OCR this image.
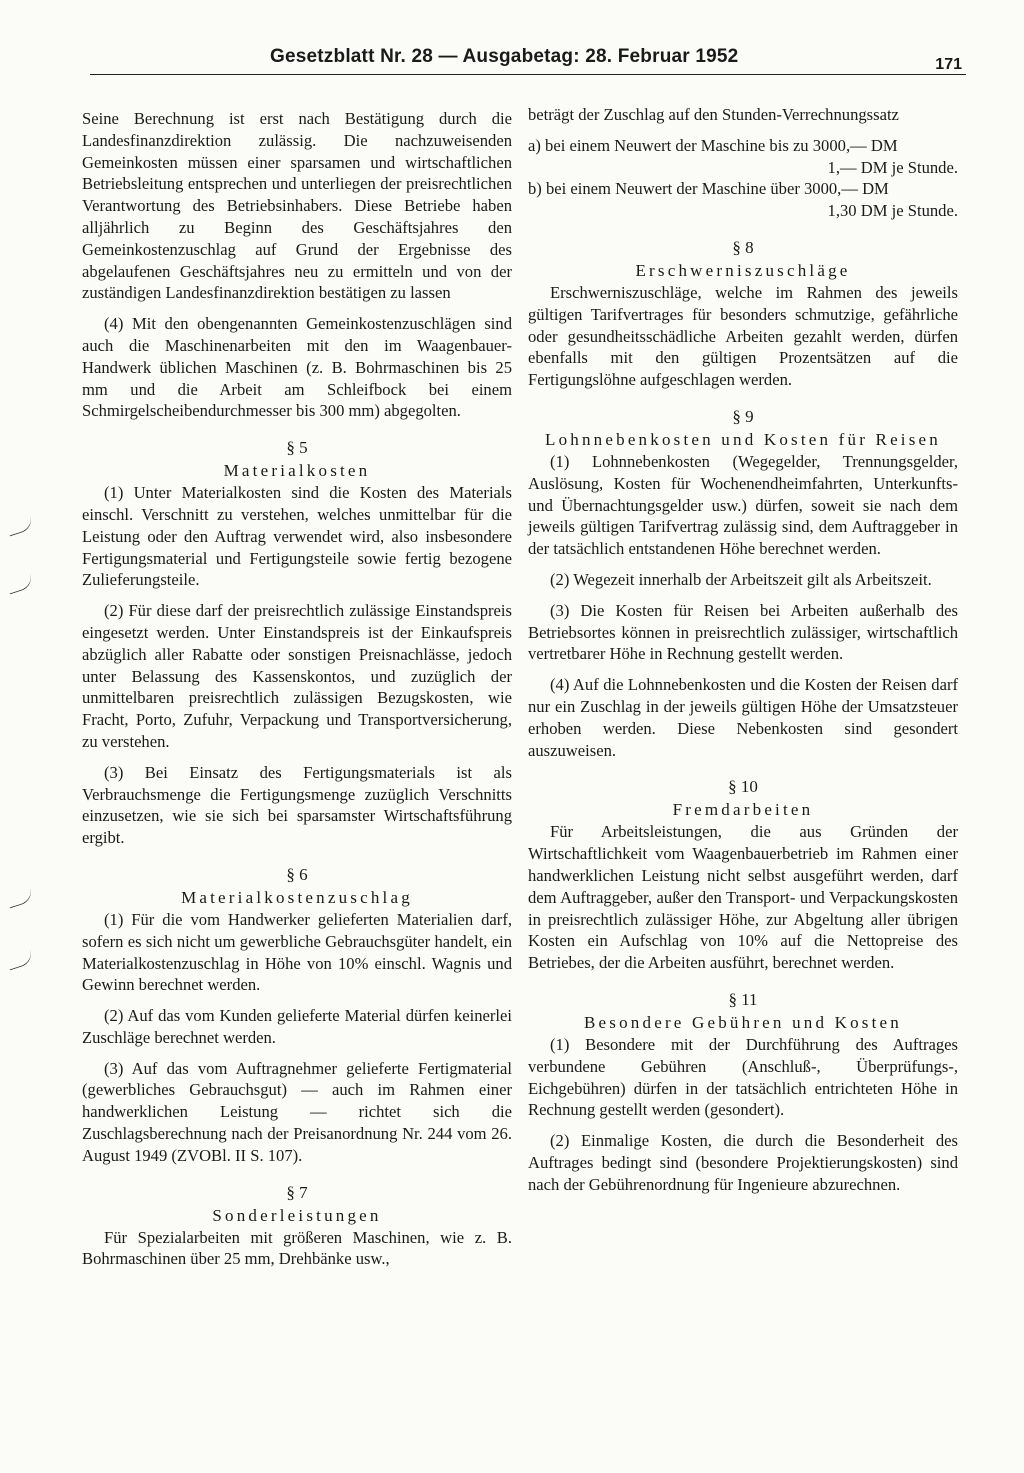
Gesetzblatt Nr. 28 — Ausgabetag: 28. Februar 1952	171

Seine Berechnung ist erst nach Bestätigung durch die Landesfinanzdirektion zulässig. Die nachzuweisenden Gemeinkosten müssen einer sparsamen und wirtschaftlichen Betriebsleitung entsprechen und unterliegen der preisrechtlichen Verantwortung des Betriebsinhabers. Diese Betriebe haben alljährlich zu Beginn des Geschäftsjahres den Gemeinkostenzuschlag auf Grund der Ergebnisse des abgelaufenen Geschäftsjahres neu zu ermitteln und von der zuständigen Landesfinanzdirektion bestätigen zu lassen

(4) Mit den obengenannten Gemeinkostenzuschlägen sind auch die Maschinenarbeiten mit den im Waagenbauer-Handwerk üblichen Maschinen (z. B. Bohrmaschinen bis 25 mm und die Arbeit am Schleifbock bei einem Schmirgelscheibendurchmesser bis 300 mm) abgegolten.

§ 5
Materialkosten

(1) Unter Materialkosten sind die Kosten des Materials einschl. Verschnitt zu verstehen, welches unmittelbar für die Leistung oder den Auftrag verwendet wird, also insbesondere Fertigungsmaterial und Fertigungsteile sowie fertig bezogene Zulieferungsteile.

(2) Für diese darf der preisrechtlich zulässige Einstandspreis eingesetzt werden. Unter Einstandspreis ist der Einkaufspreis abzüglich aller Rabatte oder sonstigen Preisnachlässe, jedoch unter Belassung des Kassenskontos, und zuzüglich der unmittelbaren preisrechtlich zulässigen Bezugskosten, wie Fracht, Porto, Zufuhr, Verpackung und Transportversicherung, zu verstehen.

(3) Bei Einsatz des Fertigungsmaterials ist als Verbrauchsmenge die Fertigungsmenge zuzüglich Verschnitts einzusetzen, wie sie sich bei sparsamster Wirtschaftsführung ergibt.

§ 6
Materialkostenzuschlag

(1) Für die vom Handwerker gelieferten Materialien darf, sofern es sich nicht um gewerbliche Gebrauchsgüter handelt, ein Materialkostenzuschlag in Höhe von 10% einschl. Wagnis und Gewinn berechnet werden.

(2) Auf das vom Kunden gelieferte Material dürfen keinerlei Zuschläge berechnet werden.

(3) Auf das vom Auftragnehmer gelieferte Fertigmaterial (gewerbliches Gebrauchsgut) — auch im Rahmen einer handwerklichen Leistung — richtet sich die Zuschlagsberechnung nach der Preisanordnung Nr. 244 vom 26. August 1949 (ZVOBl. II S. 107).

§ 7
Sonderleistungen

Für Spezialarbeiten mit größeren Maschinen, wie z. B. Bohrmaschinen über 25 mm, Drehbänke usw.,

beträgt der Zuschlag auf den Stunden-Verrechnungssatz

a) bei einem Neuwert der Maschine bis zu 3000,— DM

1,— DM je Stunde.

b) bei einem Neuwert der Maschine über 3000,— DM

1,30 DM je Stunde.
§ 8
Erschwerniszuschläge

Erschwerniszuschläge, welche im Rahmen des jeweils gültigen Tarifvertrages für besonders schmutzige, gefährliche oder gesundheitsschädliche Arbeiten gezahlt werden, dürfen ebenfalls mit den gültigen Prozentsätzen auf die Fertigungslöhne aufgeschlagen werden.

§ 9
Lohnnebenkosten und Kosten für Reisen

(1) Lohnnebenkosten (Wegegelder, Trennungsgelder, Auslösung, Kosten für Wochenendheimfahrten, Unterkunfts- und Übernachtungsgelder usw.) dürfen, soweit sie nach dem jeweils gültigen Tarifvertrag zulässig sind, dem Auftraggeber in der tatsächlich entstandenen Höhe berechnet werden.

(2) Wegezeit innerhalb der Arbeitszeit gilt als Arbeitszeit.

(3) Die Kosten für Reisen bei Arbeiten außerhalb des Betriebsortes können in preisrechtlich zulässiger, wirtschaftlich vertretbarer Höhe in Rechnung gestellt werden.

(4) Auf die Lohnnebenkosten und die Kosten der Reisen darf nur ein Zuschlag in der jeweils gültigen Höhe der Umsatzsteuer erhoben werden. Diese Nebenkosten sind gesondert auszuweisen.

§ 10
Fremdarbeiten

Für Arbeitsleistungen, die aus Gründen der Wirtschaftlichkeit vom Waagenbauerbetrieb im Rahmen einer handwerklichen Leistung nicht selbst ausgeführt werden, darf dem Auftraggeber, außer den Transport- und Verpackungskosten in preisrechtlich zulässiger Höhe, zur Abgeltung aller übrigen Kosten ein Aufschlag von 10% auf die Nettopreise des Betriebes, der die Arbeiten ausführt, berechnet werden.

§ 11
Besondere Gebühren und Kosten

(1) Besondere mit der Durchführung des Auftrages verbundene Gebühren (Anschluß-, Überprüfungs-, Eichgebühren) dürfen in der tatsächlich entrichteten Höhe in Rechnung gestellt werden (gesondert).

(2) Einmalige Kosten, die durch die Besonderheit des Auftrages bedingt sind (besondere Projektierungskosten) sind nach der Gebührenordnung für Ingenieure abzurechnen.
